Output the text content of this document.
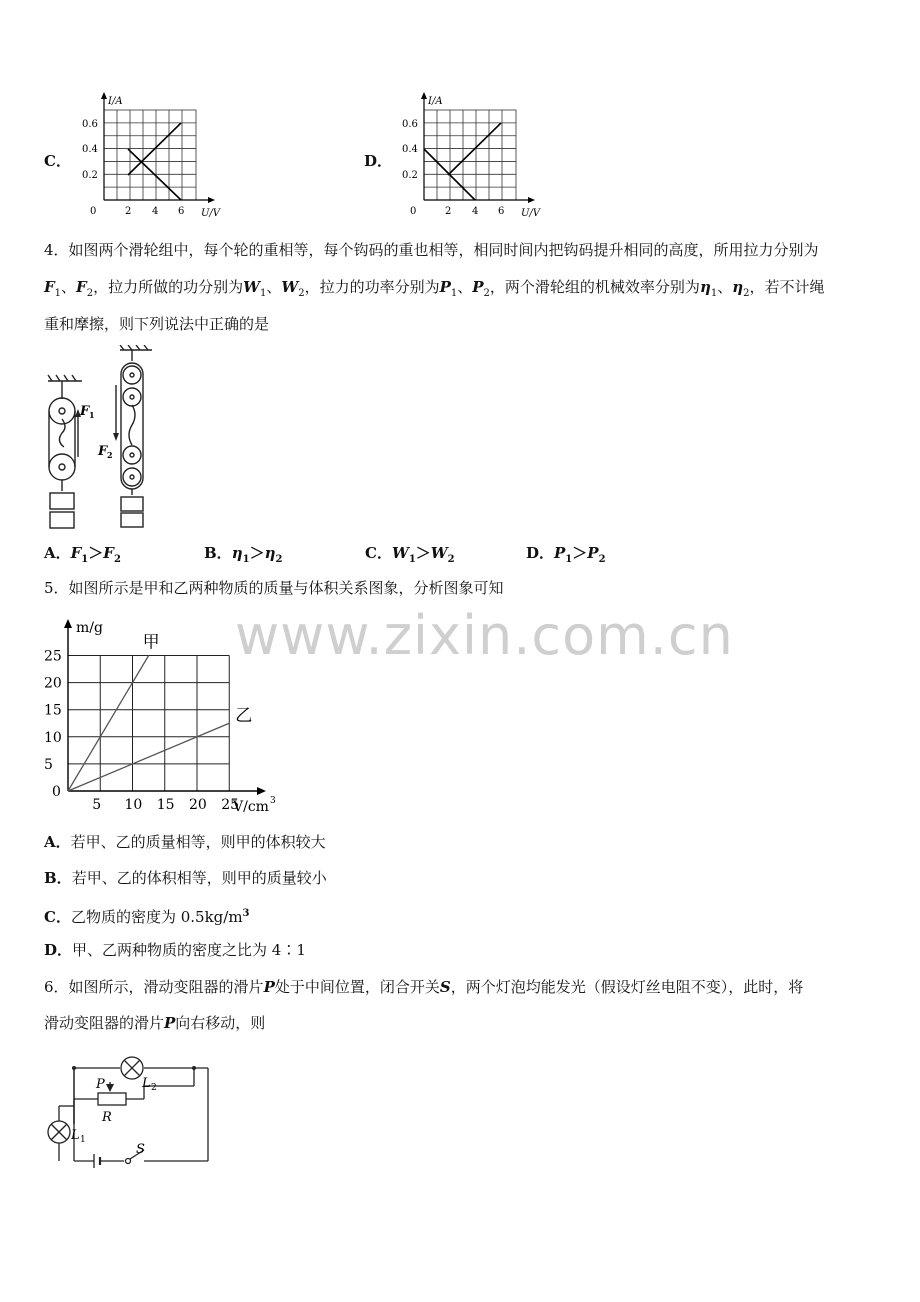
C．
I/A
0.6
0.4
0.2
0	2 4 6 U/V
D．
I/A
0.6
0.4
0.2
0	2 4 6 U/V
4．如图两个滑轮组中，每个轮的重相等，每个钩码的重也相等，相同时间内把钩码提升相同的高度，所用拉力分别为
$F_1$、$F_2$，拉力所做的功分别为$W_1$、$W_2$，拉力的功率分别为$P_1$、$P_2$，两个滑轮组的机械效率分别为$\eta_1$、$\eta_2$，若不计绳
重和摩擦，则下列说法中正确的是
F 1
F 2
A．$F_1>F_2$	B．$\eta_1>\eta_2$	C．$W_1>W_2$	D．$P_1>P_2$
5．如图所示是甲和乙两种物质的质量与体积关系图象，分析图象可知
www.zixin.com.cn
5 10 15 20 25
25
20
15
10
5
0
m/g
V/cm 3
甲
乙
A．若甲、乙的质量相等，则甲的体积较大
B．若甲、乙的体积相等，则甲的质量较小
C．乙物质的密度为 $0.5kg/m^3$
D．甲、乙两种物质的密度之比为 4∶1
6．如图所示，滑动变阻器的滑片P处于中间位置，闭合开关S，两个灯泡均能发光（假设灯丝电阻不变），此时，将
滑动变阻器的滑片P向右移动，则
L 1
L 2
P
R
S
